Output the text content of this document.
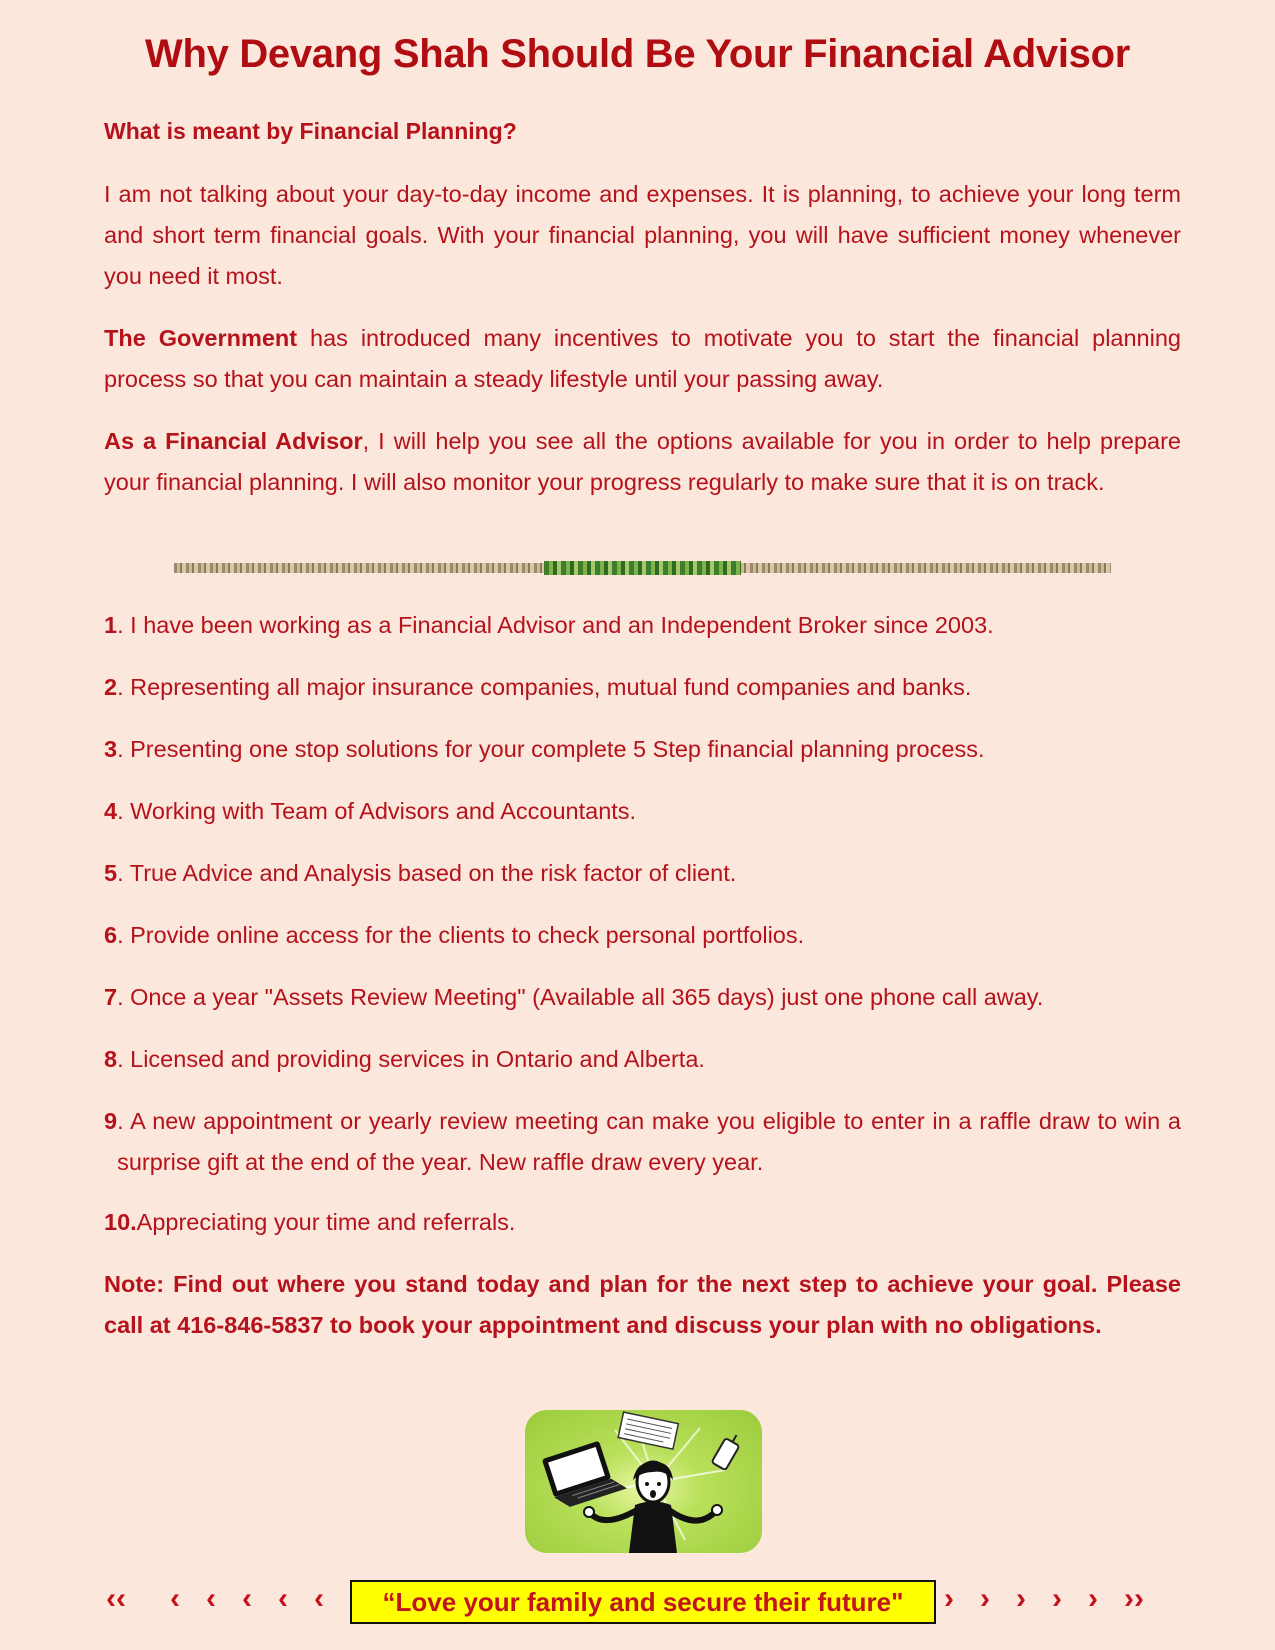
Why Devang Shah Should Be Your Financial Advisor
What is meant by Financial Planning?

I am not talking about your day-to-day income and expenses. It is planning, to achieve your long term and short term financial goals. With your financial planning, you will have sufficient money whenever you need it most.

The Government has introduced many incentives to motivate you to start the financial planning process so that you can maintain a steady lifestyle until your passing away.

As a Financial Advisor, I will help you see all the options available for you in order to help prepare your financial planning. I will also monitor your progress regularly to make sure that it is on track.

1 . I have been working as a Financial Advisor and an Independent Broker since 2003.
2 . Representing all major insurance companies, mutual fund companies and banks.
3 . Presenting one stop solutions for your complete 5 Step financial planning process.
4 . Working with Team of Advisors and Accountants.
5 . True Advice and Analysis based on the risk factor of client.
6 . Provide online access for the clients to check personal portfolios.
7 . Once a year "Assets Review Meeting" (Available all 365 days) just one phone call away.
8 . Licensed and providing services in Ontario and Alberta.
9 . A new appointment or yearly review meeting can make you eligible to enter in a raffle draw to win a surprise gift at the end of the year. New raffle draw every year.
10. Appreciating your time and referrals.

Note: Find out where you stand today and plan for the next step to achieve your goal. Please call at 416-846-5837 to book your appointment and discuss your plan with no obligations.

‹‹ ‹ ‹ ‹ ‹ ‹	“Love your family and secure their future"	› › › › › ››
